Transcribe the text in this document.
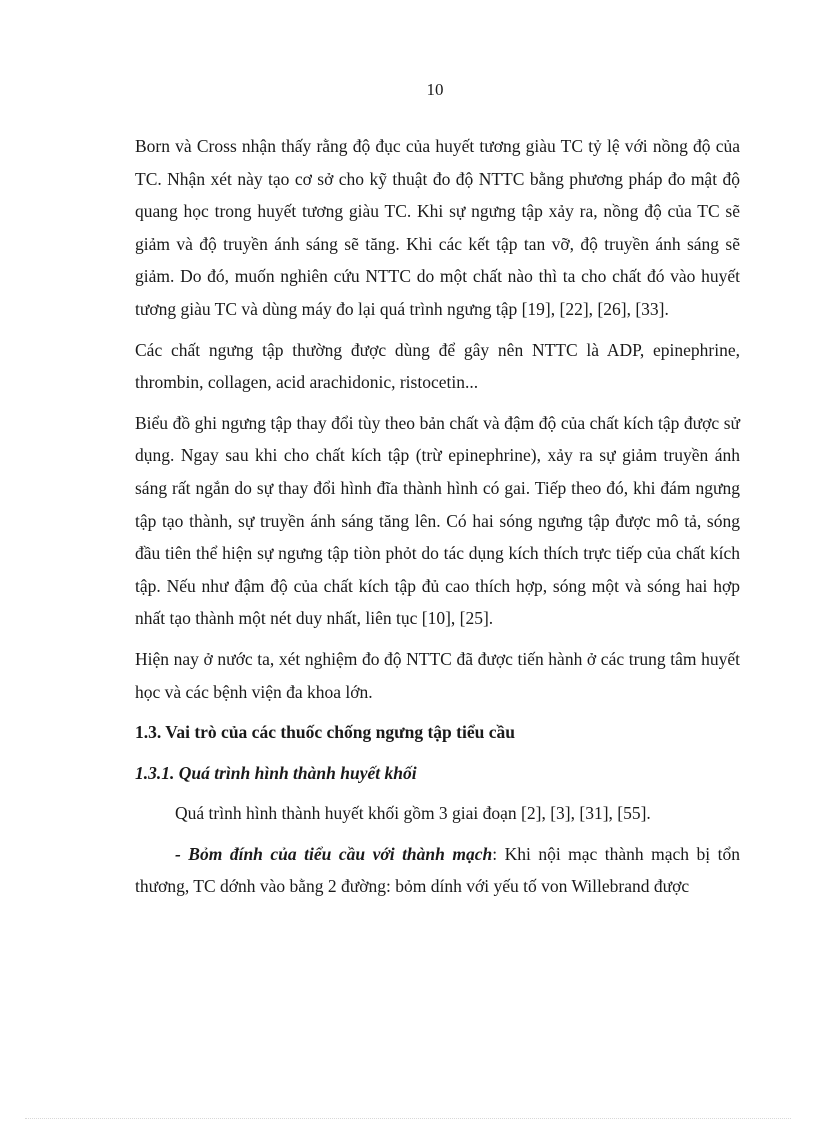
10

Born và Cross nhận thấy rằng độ đục của huyết tương giàu TC tỷ lệ với nồng độ của TC. Nhận xét này tạo cơ sở cho kỹ thuật đo độ NTTC bằng phương pháp đo mật độ quang học trong huyết tương giàu TC. Khi sự ngưng tập xảy ra, nồng độ của TC sẽ giảm và độ truyền ánh sáng sẽ tăng. Khi các kết tập tan vỡ, độ truyền ánh sáng sẽ giảm. Do đó, muốn nghiên cứu NTTC do một chất nào thì ta cho chất đó vào huyết tương giàu TC và dùng máy đo lại quá trình ngưng tập [19], [22], [26], [33].

Các chất ngưng tập thường được dùng để gây nên NTTC là ADP, epinephrine, thrombin, collagen, acid arachidonic, ristocetin...

Biểu đồ ghi ngưng tập thay đổi tùy theo bản chất và đậm độ của chất kích tập được sử dụng. Ngay sau khi cho chất kích tập (trừ epinephrine), xảy ra sự giảm truyền ánh sáng rất ngắn do sự thay đổi hình đĩa thành hình có gai. Tiếp theo đó, khi đám ngưng tập tạo thành, sự truyền ánh sáng tăng lên. Có hai sóng ngưng tập được mô tả, sóng đầu tiên thể hiện sự ngưng tập tiòn phỏt do tác dụng kích thích trực tiếp của chất kích tập. Nếu như đậm độ của chất kích tập đủ cao thích hợp, sóng một và sóng hai hợp nhất tạo thành một nét duy nhất, liên tục [10], [25].

Hiện nay ở nước ta, xét nghiệm đo độ NTTC đã được tiến hành ở các trung tâm huyết học và các bệnh viện đa khoa lớn.

1.3. Vai trò của các thuốc chống ngưng tập tiểu cầu

1.3.1. Quá trình hình thành huyết khối

Quá trình hình thành huyết khối gồm 3 giai đoạn [2], [3], [31], [55].

- Bỏm đính của tiểu cầu với thành mạch: Khi nội mạc thành mạch bị tổn thương, TC dớnh vào bằng 2 đường: bỏm dính với yếu tố von Willebrand được
